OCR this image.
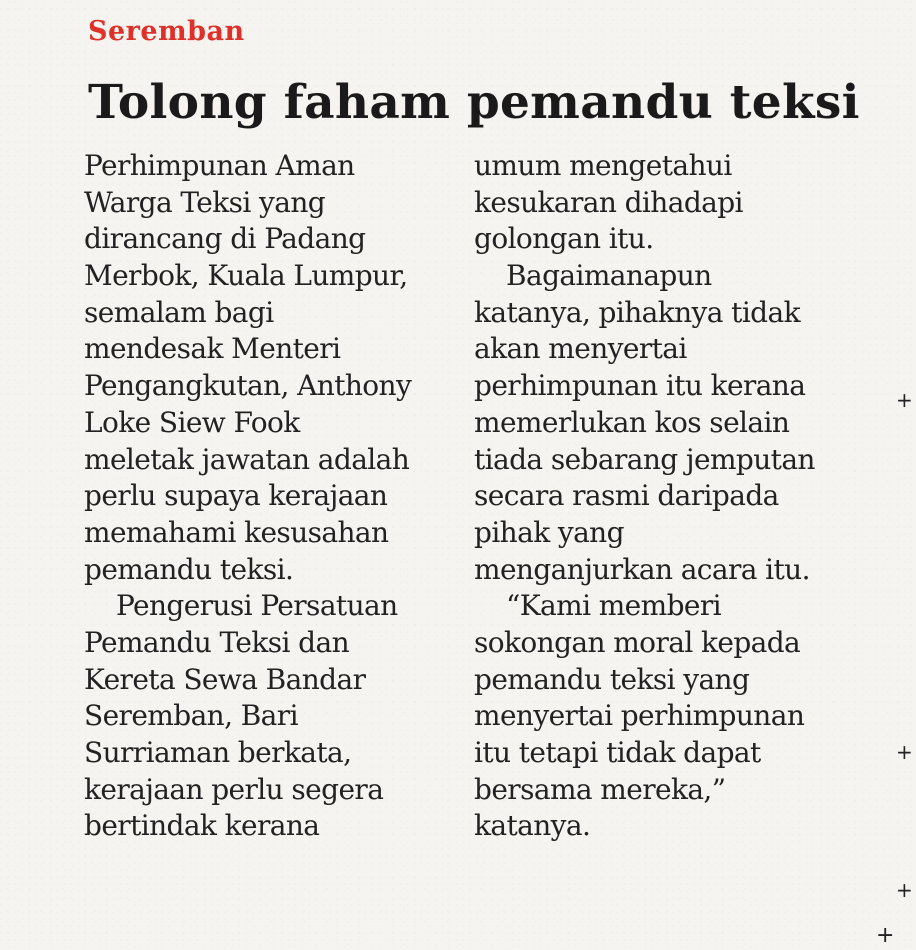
Seremban
Tolong faham pemandu teksi
Perhimpunan Aman
Warga Teksi yang
dirancang di Padang
Merbok, Kuala Lumpur,
semalam bagi
mendesak Menteri
Pengangkutan, Anthony
Loke Siew Fook
meletak jawatan adalah
perlu supaya kerajaan
memahami kesusahan
pemandu teksi.
Pengerusi Persatuan
Pemandu Teksi dan
Kereta Sewa Bandar
Seremban, Bari
Surriaman berkata,
kerajaan perlu segera
bertindak kerana
umum mengetahui
kesukaran dihadapi
golongan itu.
Bagaimanapun
katanya, pihaknya tidak
akan menyertai
perhimpunan itu kerana
memerlukan kos selain
tiada sebarang jemputan
secara rasmi daripada
pihak yang
menganjurkan acara itu.
“Kami memberi
sokongan moral kepada
pemandu teksi yang
menyertai perhimpunan
itu tetapi tidak dapat
bersama mereka,”
katanya.
+
+
+
+
